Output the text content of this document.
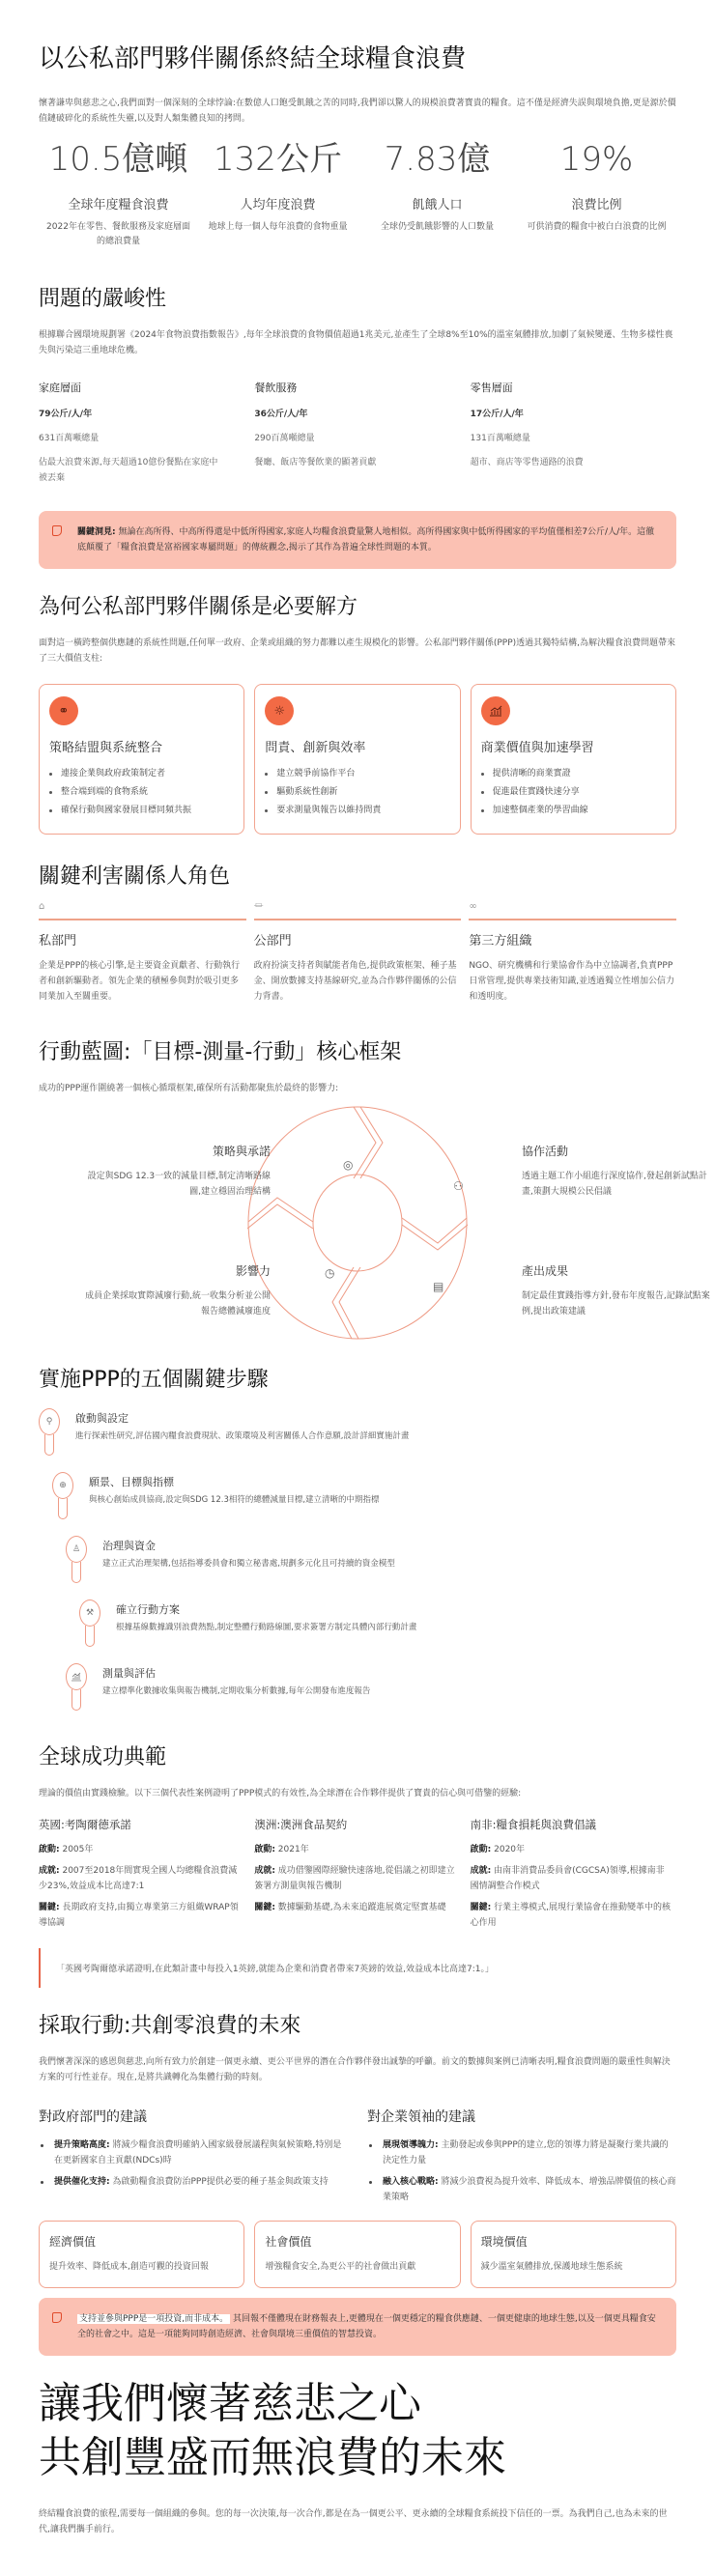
以公私部門夥伴關係終結全球糧食浪費

懷著謙卑與慈悲之心,我們面對一個深刻的全球悖論:在數億人口飽受飢餓之苦的同時,我們卻以驚人的規模浪費著寶貴的糧食。這不僅是經濟失誤與環境負擔,更是源於價值鏈破碎化的系統性失靈,以及對人類集體良知的拷問。

10.5億噸
全球年度糧食浪費
2022年在零售、餐飲服務及家庭層面的總浪費量
132公斤
人均年度浪費
地球上每一個人每年浪費的食物重量
7.83億
飢餓人口
全球仍受飢餓影響的人口數量
19%
浪費比例
可供消費的糧食中被白白浪費的比例
問題的嚴峻性

根據聯合國環境規劃署《2024年食物浪費指數報告》,每年全球浪費的食物價值超過1兆美元,並產生了全球8%至10%的溫室氣體排放,加劇了氣候變遷、生物多樣性喪失與污染這三重地球危機。

家庭層面
79公斤/人/年
631百萬噸總量
佔最大浪費來源,每天超過10億份餐點在家庭中被丟棄
餐飲服務
36公斤/人/年
290百萬噸總量
餐廳、飯店等餐飲業的顯著貢獻
零售層面
17公斤/人/年
131百萬噸總量
超市、商店等零售通路的浪費
關鍵洞見: 無論在高所得、中高所得還是中低所得國家,家庭人均糧食浪費量驚人地相似。高所得國家與中低所得國家的平均值僅相差7公斤/人/年。這徹底顛覆了「糧食浪費是富裕國家專屬問題」的傳統觀念,揭示了其作為普遍全球性問題的本質。
為何公私部門夥伴關係是必要解方

面對這一橫跨整個供應鏈的系統性問題,任何單一政府、企業或組織的努力都難以產生規模化的影響。公私部門夥伴關係(PPP)透過其獨特結構,為解決糧食浪費問題帶來了三大價值支柱:

⚭
策略結盟與系統整合
連接企業與政府政策制定者
整合端到端的食物系統
確保行動與國家發展目標同頻共振
☼
問責、創新與效率
建立競爭前協作平台
驅動系統性創新
要求測量與報告以維持問責
商業價值與加速學習
提供清晰的商業實證
促進最佳實踐快速分享
加速整個產業的學習曲線
關鍵利害關係人角色
⌂
私部門
企業是PPP的核心引擎,是主要資金貢獻者、行動執行者和創新驅動者。領先企業的積極參與對於吸引更多同業加入至關重要。
⏛
公部門
政府扮演支持者與賦能者角色,提供政策框架、種子基金、開放數據支持基線研究,並為合作夥伴關係的公信力背書。
∞
第三方組織
NGO、研究機構和行業協會作為中立協調者,負責PPP日常管理,提供專業技術知識,並透過獨立性增加公信力和透明度。
行動藍圖:「目標-測量-行動」核心框架

成功的PPP運作圍繞著一個核心循環框架,確保所有活動都聚焦於最終的影響力:

◎
⚇
▤
◷
策略與承諾
設定與SDG 12.3一致的減量目標,制定清晰路線圖,建立穩固治理結構
協作活動
透過主題工作小組進行深度協作,發起創新試點計畫,策劃大規模公民倡議
產出成果
制定最佳實踐指導方針,發布年度報告,記錄試點案例,提出政策建議
影響力
成員企業採取實際減廢行動,統一收集分析並公開報告總體減廢進度
實施PPP的五個關鍵步驟
⚲	啟動與設定
進行探索性研究,評估國內糧食浪費現狀、政策環境及利害關係人合作意願,設計詳細實施計畫
⊕	願景、目標與指標
與核心創始成員協商,設定與SDG 12.3相符的總體減量目標,建立清晰的中期指標
♙	治理與資金
建立正式治理架構,包括指導委員會和獨立秘書處,規劃多元化且可持續的資金模型
⚒	確立行動方案
根據基線數據識別浪費熱點,制定整體行動路線圖,要求簽署方制定具體內部行動計畫
測量與評估
建立標準化數據收集與報告機制,定期收集分析數據,每年公開發布進度報告
全球成功典範

理論的價值由實踐檢驗。以下三個代表性案例證明了PPP模式的有效性,為全球潛在合作夥伴提供了寶貴的信心與可借鑒的經驗:

英國:考陶爾德承諾
啟動: 2005年
成就: 2007至2018年間實現全國人均總糧食浪費減少23%,效益成本比高達7:1
關鍵: 長期政府支持,由獨立專業第三方組織WRAP領導協調
澳洲:澳洲食品契約
啟動: 2021年
成就: 成功借鑒國際經驗快速落地,從倡議之初即建立簽署方測量與報告機制
關鍵: 數據驅動基礎,為未來追蹤進展奠定堅實基礎
南非:糧食損耗與浪費倡議
啟動: 2020年
成就: 由南非消費品委員會(CGCSA)領導,根據南非國情調整合作模式
關鍵: 行業主導模式,展現行業協會在推動變革中的核心作用
「英國考陶爾德承諾證明,在此類計畫中每投入1英鎊,就能為企業和消費者帶來7英鎊的效益,效益成本比高達7:1。」
採取行動:共創零浪費的未來

我們懷著深深的感恩與慈悲,向所有致力於創建一個更永續、更公平世界的潛在合作夥伴發出誠摯的呼籲。前文的數據與案例已清晰表明,糧食浪費問題的嚴重性與解決方案的可行性並存。現在,是將共識轉化為集體行動的時刻。

對政府部門的建議
提升策略高度: 將減少糧食浪費明確納入國家級發展議程與氣候策略,特別是在更新國家自主貢獻(NDCs)時
提供催化支持: 為啟動糧食浪費防治PPP提供必要的種子基金與政策支持
對企業領袖的建議
展現領導魄力: 主動發起或參與PPP的建立,您的領導力將是凝聚行業共識的決定性力量
融入核心戰略: 將減少浪費視為提升效率、降低成本、增強品牌價值的核心商業策略
經濟價值
提升效率、降低成本,創造可觀的投資回報
社會價值
增強糧食安全,為更公平的社會做出貢獻
環境價值
減少溫室氣體排放,保護地球生態系統
支持並參與PPP是一項投資,而非成本。 其回報不僅體現在財務報表上,更體現在一個更穩定的糧食供應鏈、一個更健康的地球生態,以及一個更具糧食安全的社會之中。這是一項能夠同時創造經濟、社會與環境三重價值的智慧投資。
讓我們懷著慈悲之心
共創豐盛而無浪費的未來

終結糧食浪費的旅程,需要每一個組織的參與。您的每一次決策,每一次合作,都是在為一個更公平、更永續的全球糧食系統投下信任的一票。為我們自己,也為未來的世代,讓我們攜手前行。
